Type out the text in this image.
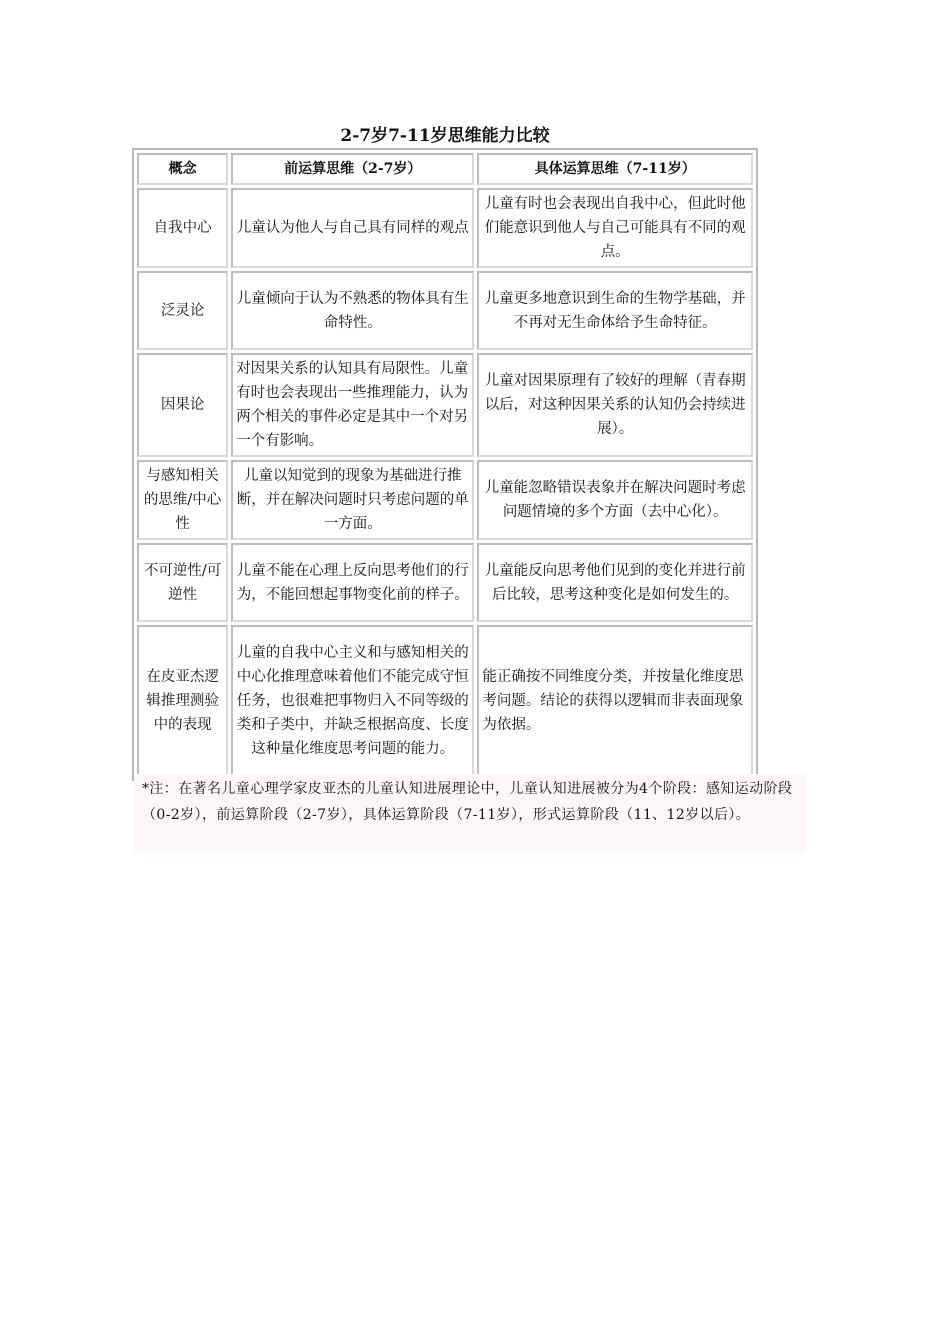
2-7岁7-11岁思维能力比较
概念	前运算思维（2-7岁）	具体运算思维（7-11岁）
自我中心	儿童认为他人与自己具有同样的观点	儿童有时也会表现出自我中心，但此时他们能意识到他人与自己可能具有不同的观点。
泛灵论	儿童倾向于认为不熟悉的物体具有生命特性。	儿童更多地意识到生命的生物学基础，并不再对无生命体给予生命特征。
因果论	对因果关系的认知具有局限性。儿童有时也会表现出一些推理能力，认为两个相关的事件必定是其中一个对另一个有影响。	儿童对因果原理有了较好的理解（青春期以后，对这种因果关系的认知仍会持续进展）。
与感知相关的思维/中心性	儿童以知觉到的现象为基础进行推断，并在解决问题时只考虑问题的单一方面。	儿童能忽略错误表象并在解决问题时考虑问题情境的多个方面（去中心化）。
不可逆性/可逆性	儿童不能在心理上反向思考他们的行为，不能回想起事物变化前的样子。	儿童能反向思考他们见到的变化并进行前后比较，思考这种变化是如何发生的。
在皮亚杰逻辑推理测验中的表现	儿童的自我中心主义和与感知相关的中心化推理意味着他们不能完成守恒任务，也很难把事物归入不同等级的类和子类中，并缺乏根据高度、长度这种量化维度思考问题的能力。	能正确按不同维度分类，并按量化维度思考问题。结论的获得以逻辑而非表面现象为依据。

*注：在著名儿童心理学家皮亚杰的儿童认知进展理论中，儿童认知进展被分为4个阶段：感知运动阶段（0-2岁），前运算阶段（2-7岁），具体运算阶段（7-11岁），形式运算阶段（11、12岁以后）。
